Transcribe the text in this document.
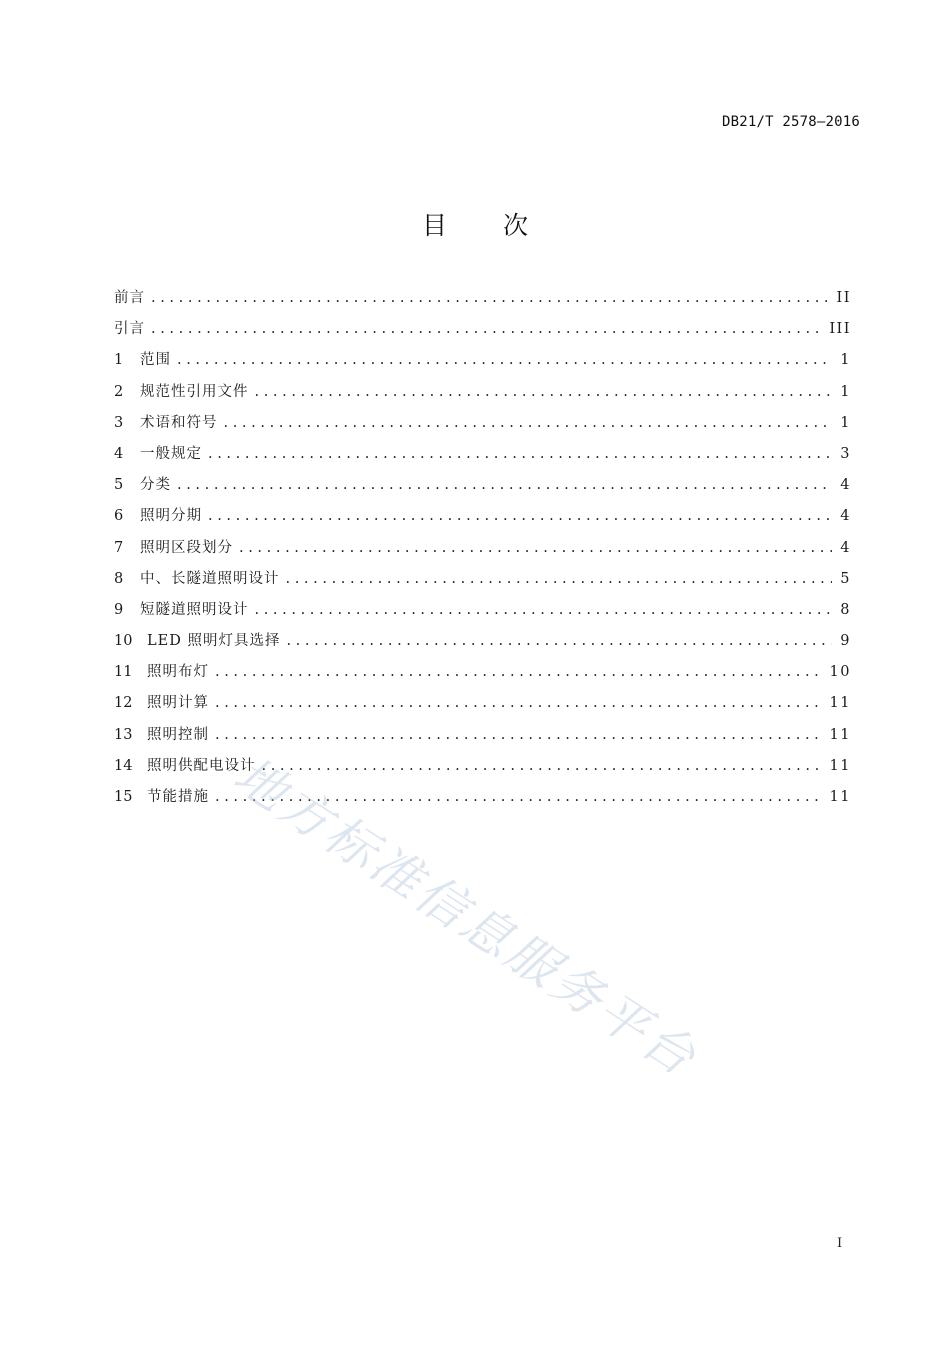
DB21/T 2578—2016
目 次
前言 . . .	II
引言 . . .	III
1	范围 . . .	1
2	规范性引用文件 . . .	1
3	术语和符号 . . .	1
4	一般规定 . . .	3
5	分类 . . .	4
6	照明分期 . . .	4
7	照明区段划分 . . .	4
8	中、长隧道照明设计 . . .	5
9	短隧道照明设计 . . .	8
10	LED 照明灯具选择 . . .	9
11	照明布灯 . . .	10
12	照明计算 . . .	11
13	照明控制 . . .	11
14	照明供配电设计 . . .	11
15	节能措施 . . .	11
地方标准信息服务平台
I
